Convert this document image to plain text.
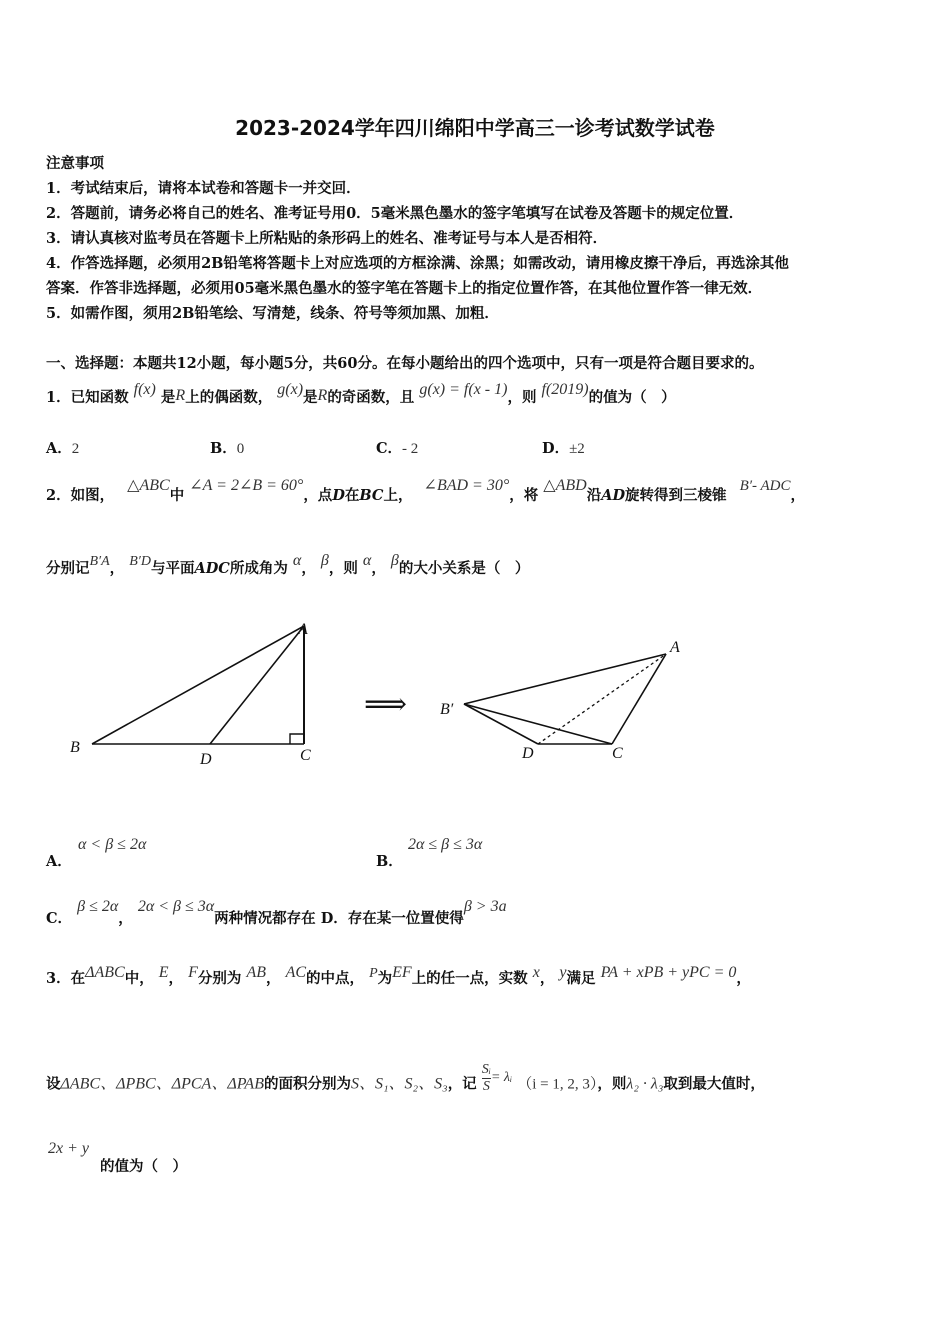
2023-2024学年四川绵阳中学高三一诊考试数学试卷
注意事项
1．考试结束后，请将本试卷和答题卡一并交回．
2．答题前，请务必将自己的姓名、准考证号用0．5毫米黑色墨水的签字笔填写在试卷及答题卡的规定位置．
3．请认真核对监考员在答题卡上所粘贴的条形码上的姓名、准考证号与本人是否相符．
4．作答选择题，必须用2B铅笔将答题卡上对应选项的方框涂满、涂黑；如需改动，请用橡皮擦干净后，再选涂其他
答案．作答非选择题，必须用05毫米黑色墨水的签字笔在答题卡上的指定位置作答，在其他位置作答一律无效．
5．如需作图，须用2B铅笔绘、写清楚，线条、符号等须加黑、加粗．
一、选择题：本题共12小题，每小题5分，共60分。在每小题给出的四个选项中，只有一项是符合题目要求的。
1．已知函数 f(x) 是R上的偶函数， g(x)是R的奇函数，且 g(x) = f(x - 1)，则 f(2019)的值为（　）
A．2	B．0	C．- 2	D．±2
2．如图， △ABC中 ∠A = 2∠B = 60°，点D在BC上， ∠BAD = 30°，将 △ABD沿AD旋转得到三棱锥 B′- ADC，
分别记B′A， B′D与平面ADC所成角为 α， β，则 α， β的大小关系是（　）
A
B
D	C
⟹
A
B′
D	C
A．
α < β ≤ 2α
B．
2α ≤ β ≤ 3α
C． β ≤ 2α， 2α < β ≤ 3α两种情况都存在 D．存在某一位置使得β > 3a
3．在ΔABC中， E， F分别为 AB， AC的中点， P为EF上的任一点，实数 x， y满足 PA + xPB + yPC = 0，
设ΔABC、ΔPBC、ΔPCA、ΔPAB的面积分别为S、S₁、S₂、S₃，记 $\frac{\text{Sᵢ}}{S}$ = λᵢ （i = 1, 2, 3），则λ₂ · λ₃取到最大值时，
2x + y
的值为（　）
